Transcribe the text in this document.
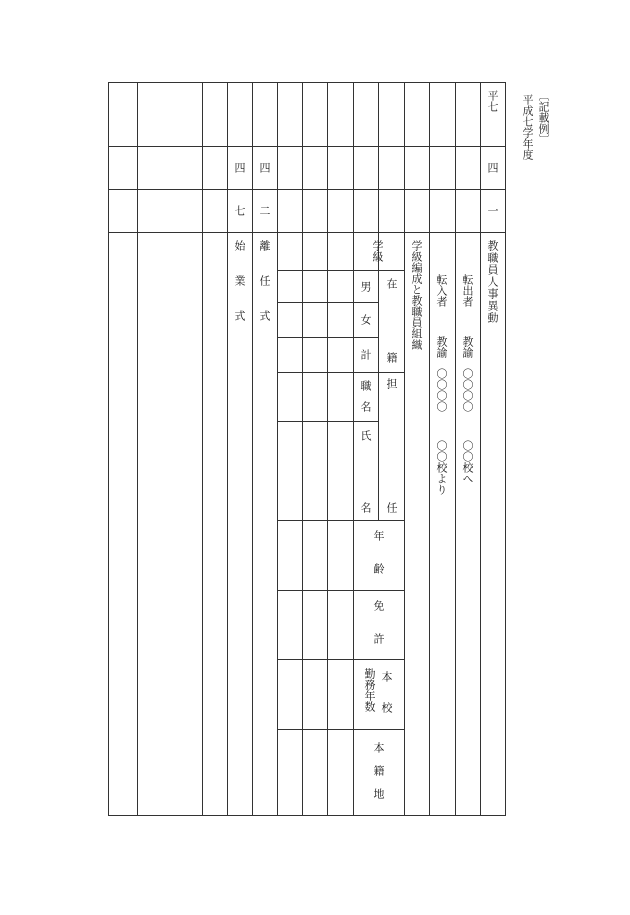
〔記載例〕
平成七学年度
平七
四
一
教職員人事異動
転出者
教諭
〇〇〇〇
〇〇校へ
転入者
教諭
〇〇〇〇
〇〇校より
学級編成と教職員組織
学級
在
籍
担
任
男
女
計
職名
氏
名
年齢
免許
本校
勤務年数
本籍地
四
二
離任式
四
七
始業式
